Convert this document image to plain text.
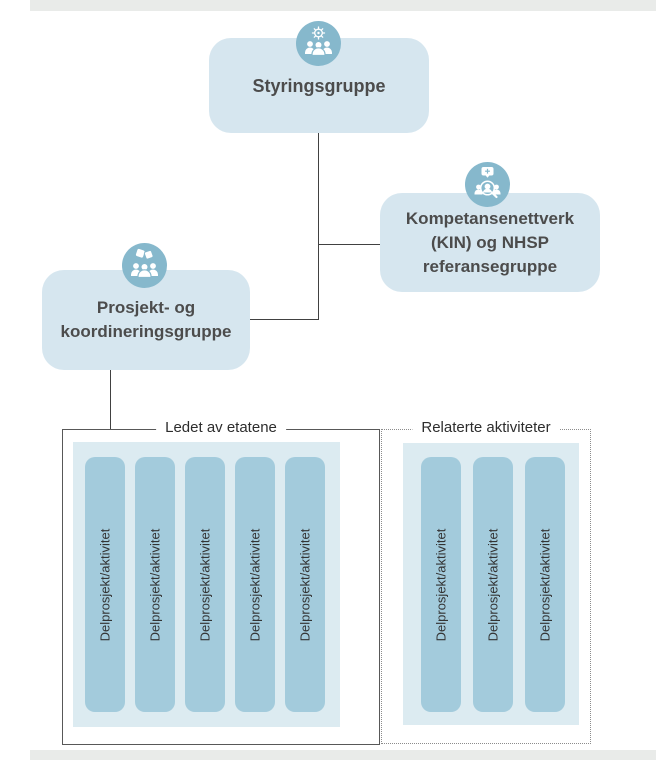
Styringsgruppe
Kompetansenettverk
(KIN) og NHSP
referansegruppe
Prosjekt- og
koordineringsgruppe
Ledet av etatene
Delprosjekt/aktivitet	Delprosjekt/aktivitet	Delprosjekt/aktivitet	Delprosjekt/aktivitet	Delprosjekt/aktivitet
Relaterte aktiviteter
Delprosjekt/aktivitet	Delprosjekt/aktivitet	Delprosjekt/aktivitet
